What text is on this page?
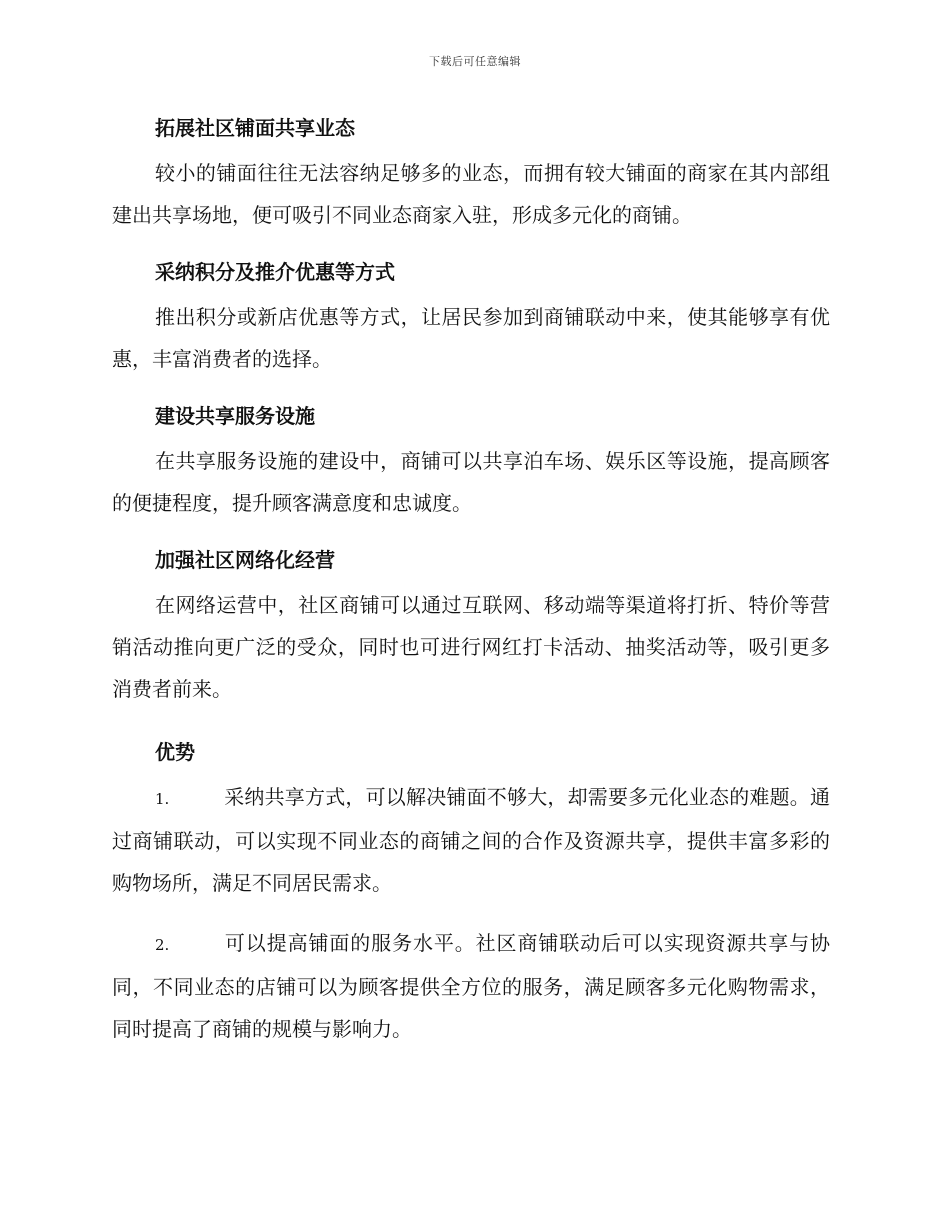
下载后可任意编辑
拓展社区铺面共享业态
较小的铺面往往无法容纳足够多的业态，而拥有较大铺面的商家在其内部组建出共享场地，便可吸引不同业态商家入驻，形成多元化的商铺。
采纳积分及推介优惠等方式
推出积分或新店优惠等方式，让居民参加到商铺联动中来，使其能够享有优惠，丰富消费者的选择。
建设共享服务设施
在共享服务设施的建设中，商铺可以共享泊车场、娱乐区等设施，提高顾客的便捷程度，提升顾客满意度和忠诚度。
加强社区网络化经营
在网络运营中，社区商铺可以通过互联网、移动端等渠道将打折、特价等营销活动推向更广泛的受众，同时也可进行网红打卡活动、抽奖活动等，吸引更多消费者前来。
优势
1.	采纳共享方式，可以解决铺面不够大，却需要多元化业态的难题。通过商铺联动，可以实现不同业态的商铺之间的合作及资源共享，提供丰富多彩的购物场所，满足不同居民需求。
2.	可以提高铺面的服务水平。社区商铺联动后可以实现资源共享与协同，不同业态的店铺可以为顾客提供全方位的服务，满足顾客多元化购物需求，同时提高了商铺的规模与影响力。
